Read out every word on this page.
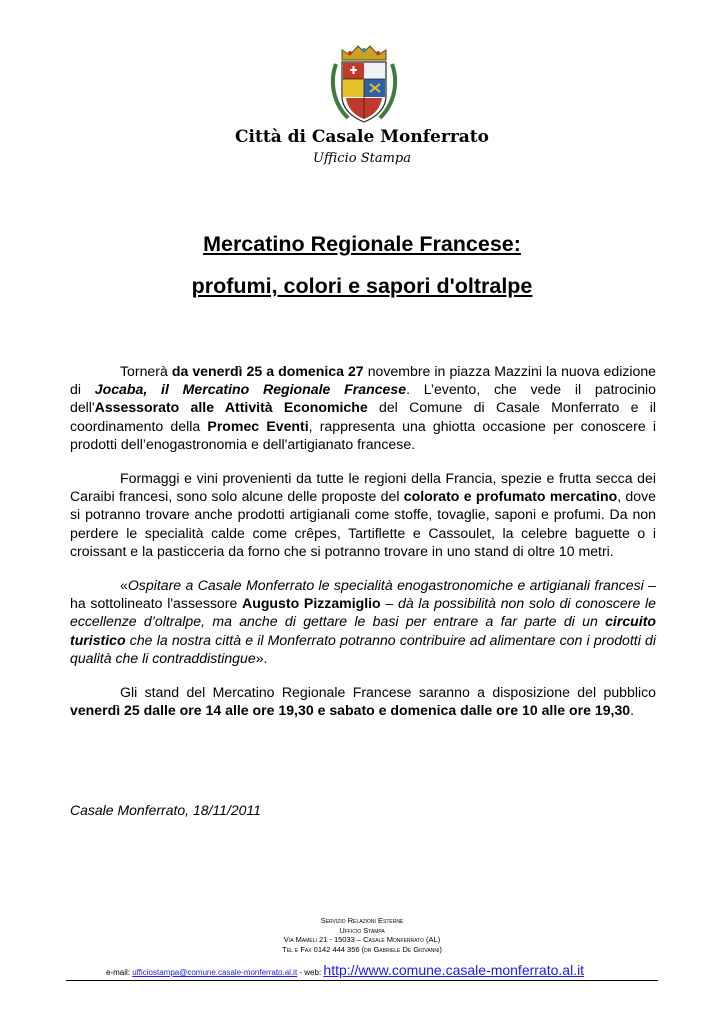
Città di Casale Monferrato
Ufficio Stampa
Mercatino Regionale Francese:
profumi, colori e sapori d'oltralpe

Tornerà da venerdì 25 a domenica 27 novembre in piazza Mazzini la nuova edizione di Jocaba, il Mercatino Regionale Francese. L’evento, che vede il patrocinio dell'Assessorato alle Attività Economiche del Comune di Casale Monferrato e il coordinamento della Promec Eventi, rappresenta una ghiotta occasione per conoscere i prodotti dell’enogastronomia e dell'artigianato francese.

Formaggi e vini provenienti da tutte le regioni della Francia, spezie e frutta secca dei Caraibi francesi, sono solo alcune delle proposte del colorato e profumato mercatino, dove si potranno trovare anche prodotti artigianali come stoffe, tovaglie, saponi e profumi. Da non perdere le specialità calde come crêpes, Tartiflette e Cassoulet, la celebre baguette o i croissant e la pasticceria da forno che si potranno trovare in uno stand di oltre 10 metri.

«Ospitare a Casale Monferrato le specialità enogastronomiche e artigianali francesi – ha sottolineato l'assessore Augusto Pizzamiglio – dà la possibilità non solo di conoscere le eccellenze d’oltralpe, ma anche di gettare le basi per entrare a far parte di un circuito turistico che la nostra città e il Monferrato potranno contribuire ad alimentare con i prodotti di qualità che li contraddistingue».

Gli stand del Mercatino Regionale Francese saranno a disposizione del pubblico venerdì 25 dalle ore 14 alle ore 19,30 e sabato e domenica dalle ore 10 alle ore 19,30.

Casale Monferrato, 18/11/2011
Servizio Relazioni Esterne
Ufficio Stampa
Via Mameli 21 - 15033 – Casale Monferrato (AL)
Tel e Fax 0142 444 356 (dr Gabriele De Giovanni)
e-mail: ufficiostampa@comune.casale-monferrato.al.it - web: http://www.comune.casale-monferrato.al.it
